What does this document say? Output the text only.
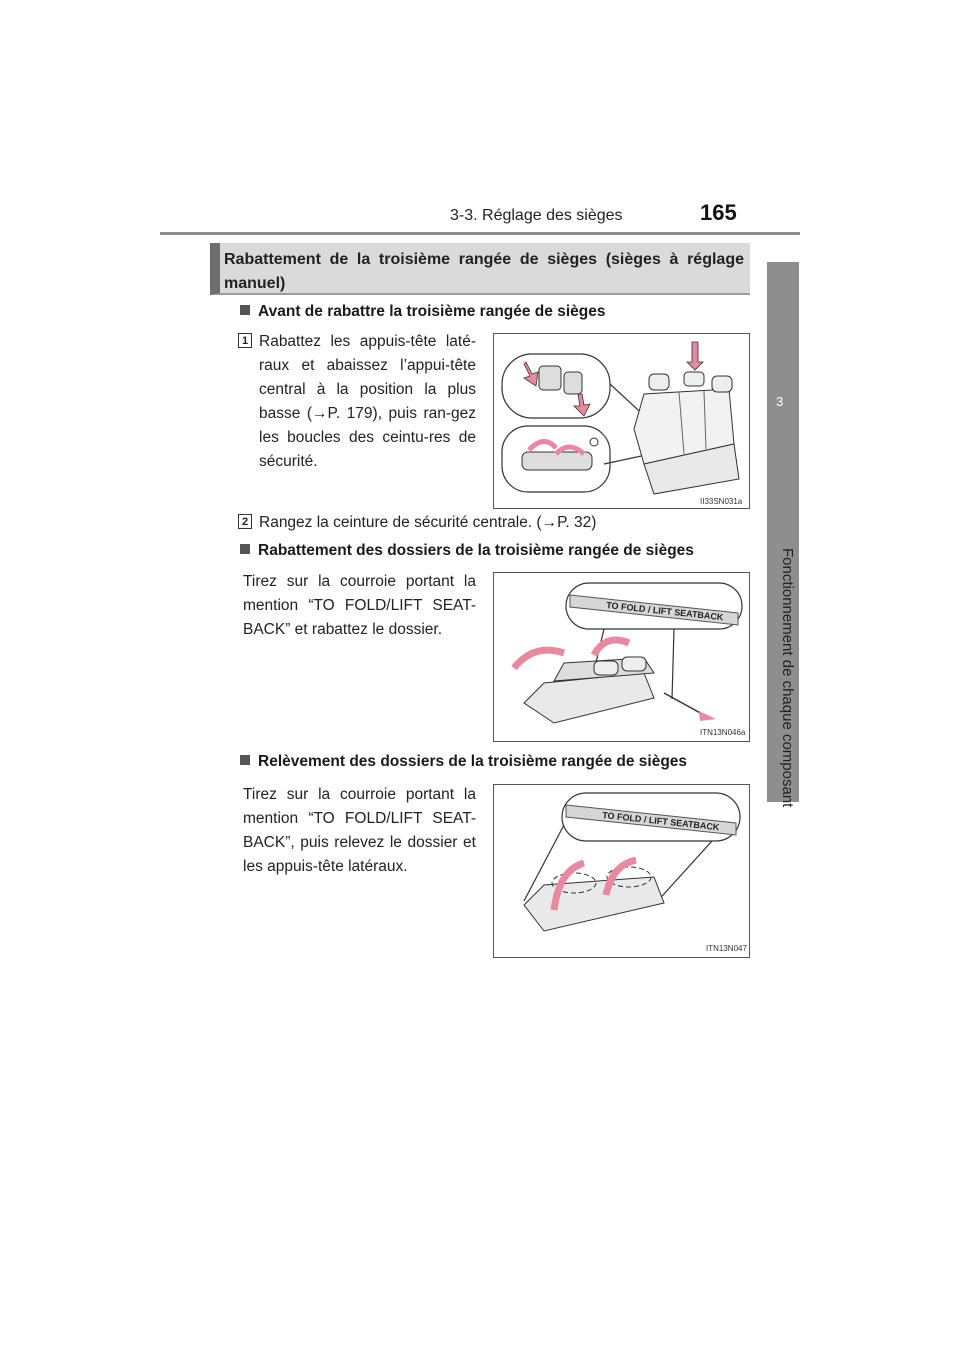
3-3. Réglage des sièges	165
3
Fonctionnement de chaque composant
Rabattement de la troisième rangée de sièges (sièges à réglage manuel)
Avant de rabattre la troisième rangée de sièges
1 Rabattez les appuis-tête laté-raux et abaissez l’appui-tête central à la position la plus basse (→P. 179), puis ran-gez les boucles des ceintu-res de sécurité.
II33SN031a
2 Rangez la ceinture de sécurité centrale. (→P. 32)
Rabattement des dossiers de la troisième rangée de sièges
Tirez sur la courroie portant la mention “TO FOLD/LIFT SEAT-BACK” et rabattez le dossier.
TO FOLD / LIFT SEATBACK
ITN13N046a
Relèvement des dossiers de la troisième rangée de sièges
Tirez sur la courroie portant la mention “TO FOLD/LIFT SEAT-BACK”, puis relevez le dossier et les appuis-tête latéraux.
TO FOLD / LIFT SEATBACK
ITN13N047
